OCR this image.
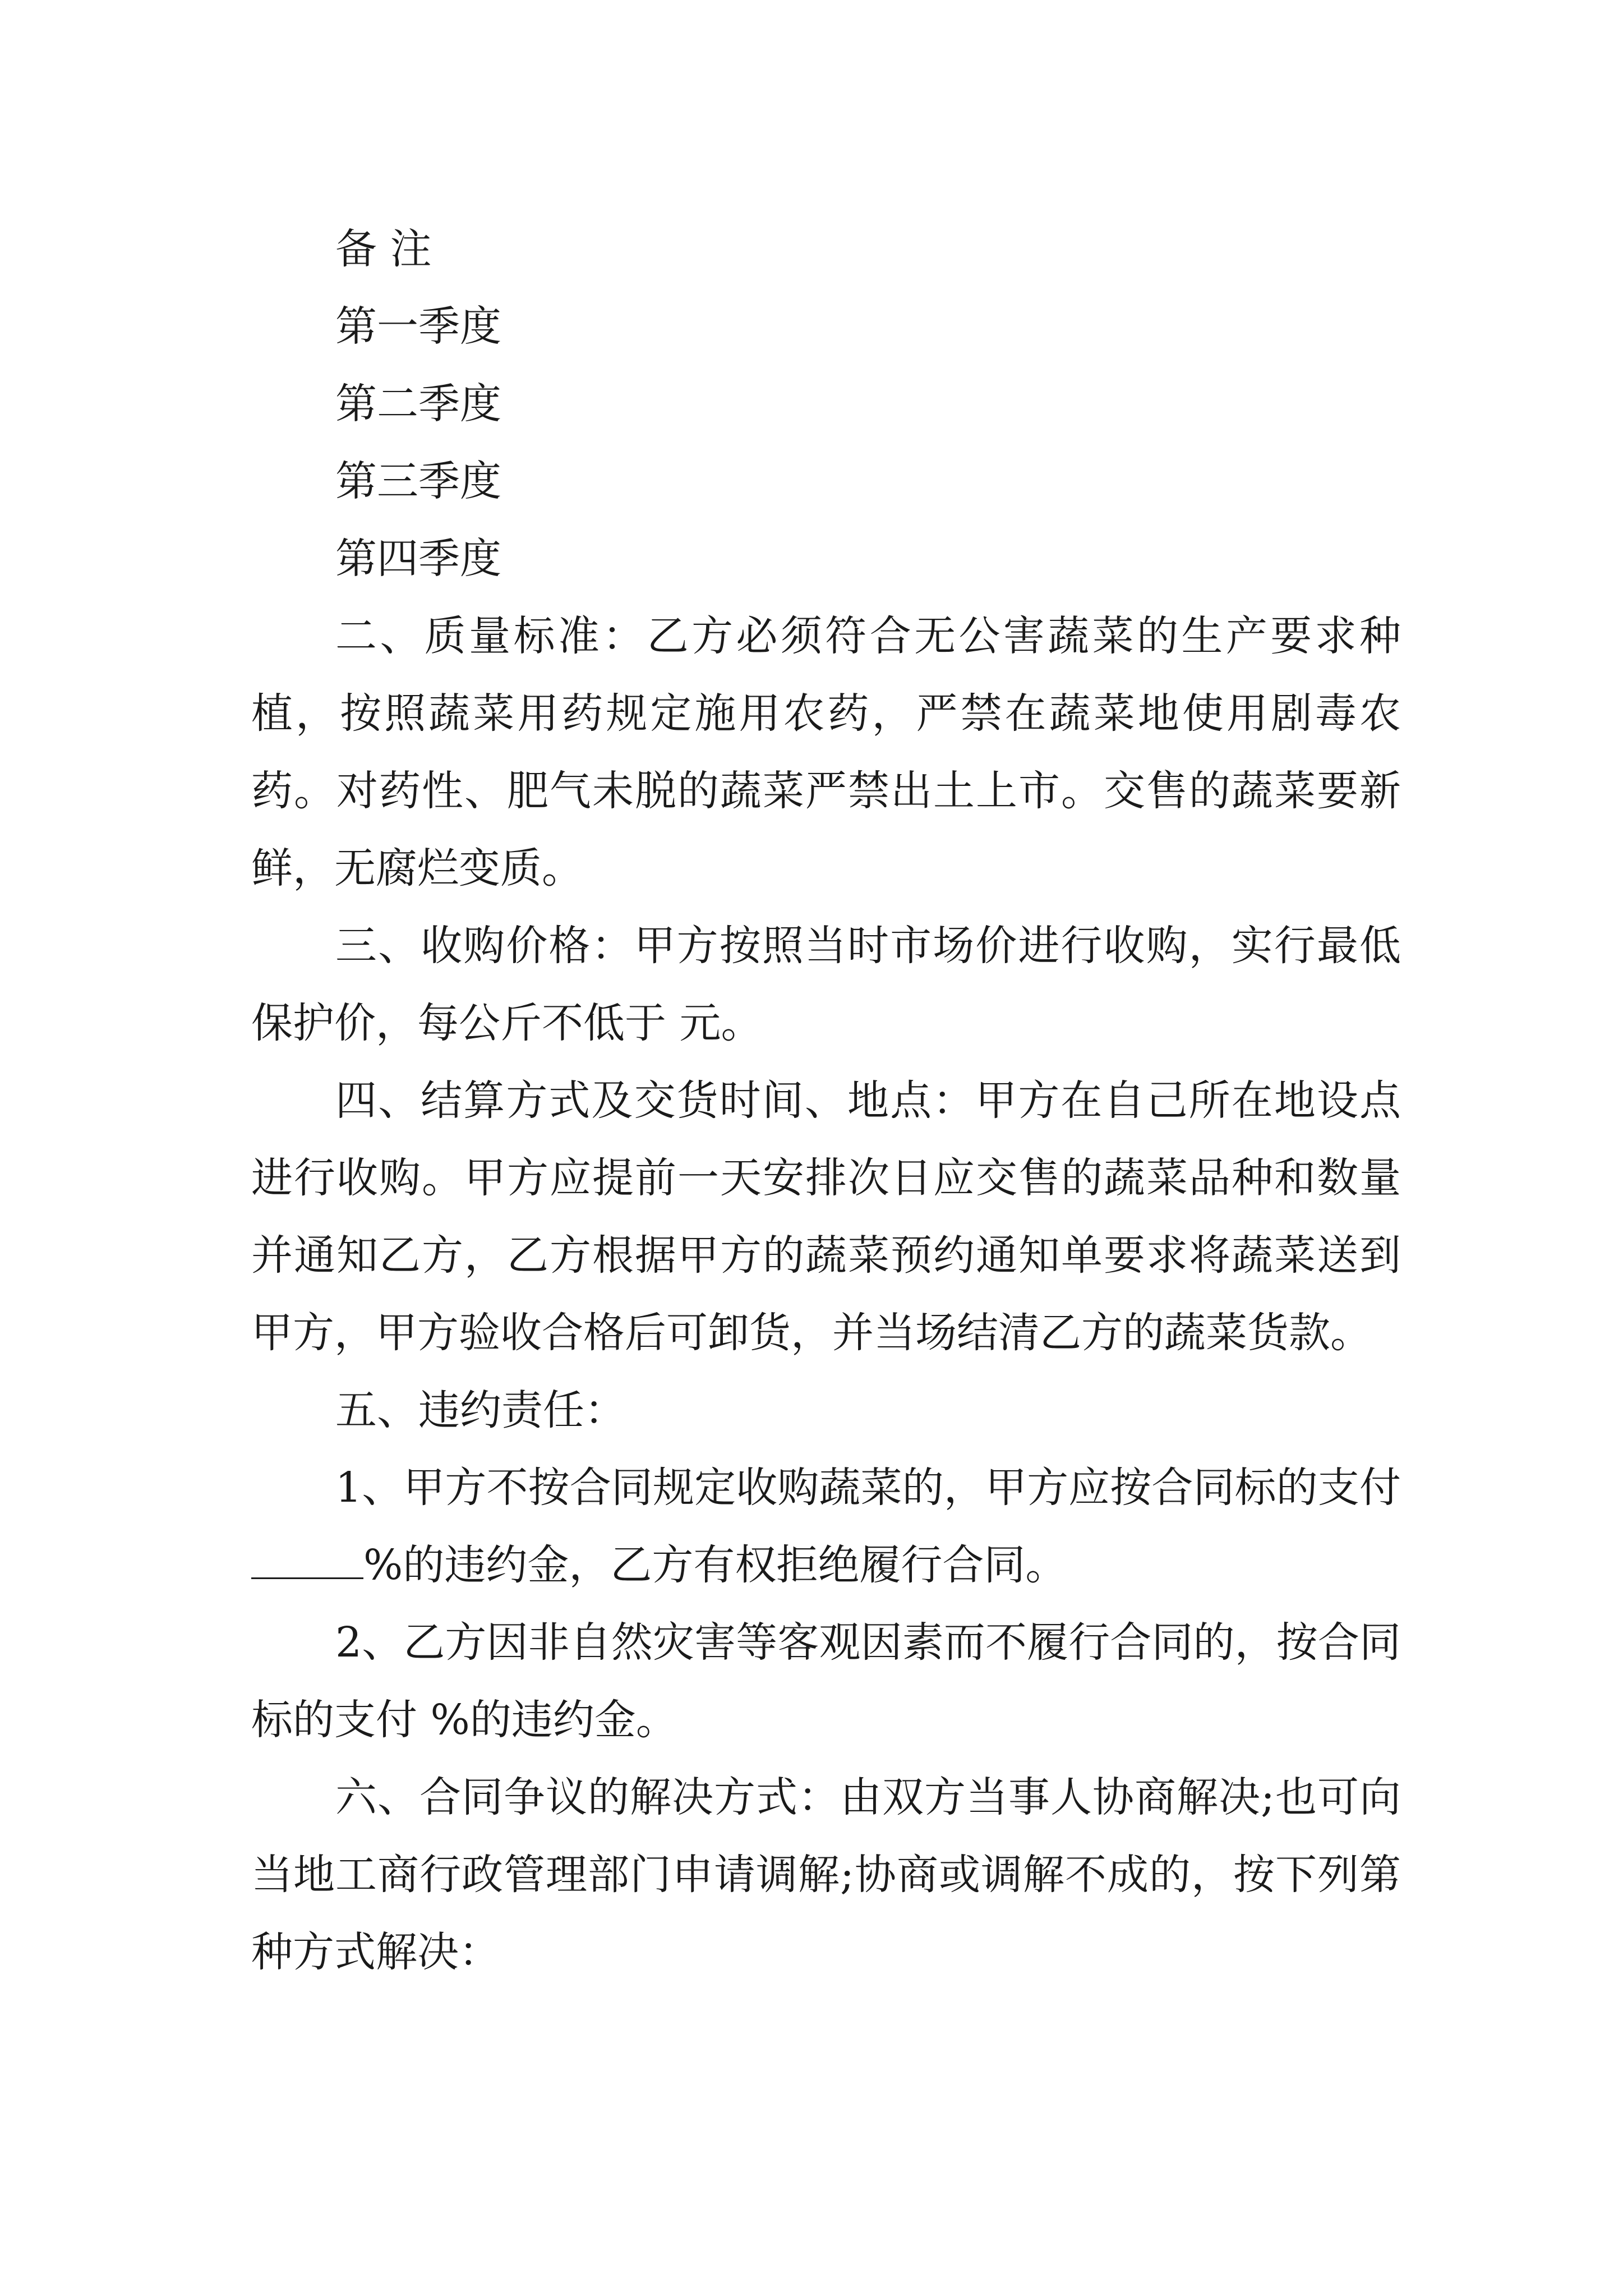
备 注
第一季度
第二季度
第三季度
第四季度

二、质量标准：乙方必须符合无公害蔬菜的生产要求种植，按照蔬菜用药规定施用农药，严禁在蔬菜地使用剧毒农药。对药性、肥气未脱的蔬菜严禁出土上市。交售的蔬菜要新鲜，无腐烂变质。

三、收购价格：甲方按照当时市场价进行收购，实行最低保护价，每公斤不低于 元。

四、结算方式及交货时间、地点：甲方在自己所在地设点进行收购。甲方应提前一天安排次日应交售的蔬菜品种和数量并通知乙方，乙方根据甲方的蔬菜预约通知单要求将蔬菜送到甲方，甲方验收合格后可卸货，并当场结清乙方的蔬菜货款。

五、违约责任：

1、甲方不按合同规定收购蔬菜的，甲方应按合同标的支付%的违约金，乙方有权拒绝履行合同。

2、乙方因非自然灾害等客观因素而不履行合同的，按合同标的支付 %的违约金。

六、合同争议的解决方式：由双方当事人协商解决;也可向当地工商行政管理部门申请调解;协商或调解不成的，按下列第 种方式解决：
